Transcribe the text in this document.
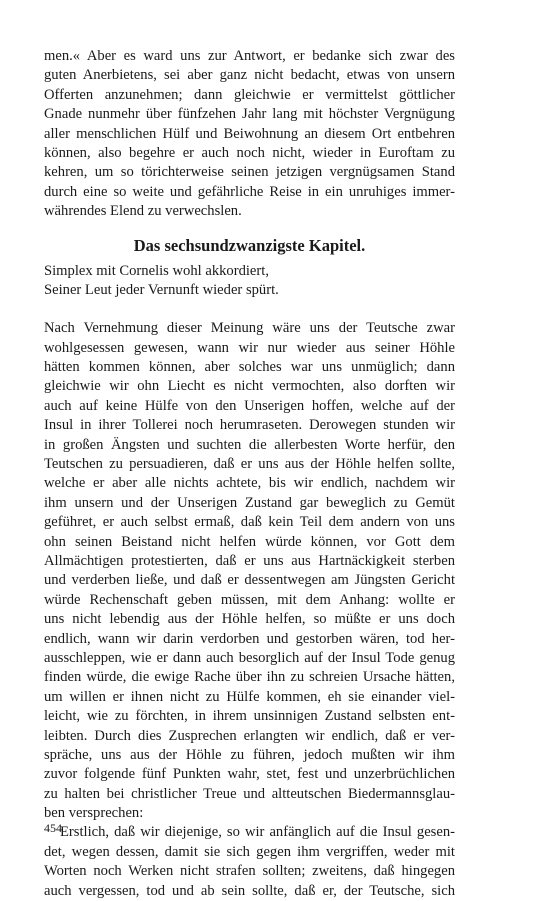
men.« Aber es ward uns zur Antwort, er bedanke sich zwar des
guten Anerbietens, sei aber ganz nicht bedacht, etwas von unsern
Offerten anzunehmen; dann gleichwie er vermittelst göttlicher
Gnade nunmehr über fünfzehen Jahr lang mit höchster Vergnügung
aller menschlichen Hülf und Beiwohnung an diesem Ort entbehren
können, also begehre er auch noch nicht, wieder in Euroftam zu
kehren, um so törichterweise seinen jetzigen vergnügsamen Stand
durch eine so weite und gefährliche Reise in ein unruhiges immer-
währendes Elend zu verwechslen.
Das sechsundzwanzigste Kapitel.
Simplex mit Cornelis wohl akkordiert,
Seiner Leut jeder Vernunft wieder spürt.
Nach Vernehmung dieser Meinung wäre uns der Teutsche zwar
wohlgesessen gewesen, wann wir nur wieder aus seiner Höhle
hätten kommen können, aber solches war uns unmüglich; dann
gleichwie wir ohn Liecht es nicht vermochten, also dorften wir
auch auf keine Hülfe von den Unserigen hoffen, welche auf der
Insul in ihrer Tollerei noch herumraseten. Derowegen stunden wir
in großen Ängsten und suchten die allerbesten Worte herfür, den
Teutschen zu persuadieren, daß er uns aus der Höhle helfen sollte,
welche er aber alle nichts achtete, bis wir endlich, nachdem wir
ihm unsern und der Unserigen Zustand gar beweglich zu Gemüt
geführet, er auch selbst ermaß, daß kein Teil dem andern von uns
ohn seinen Beistand nicht helfen würde können, vor Gott dem
Allmächtigen protestierten, daß er uns aus Hartnäckigkeit sterben
und verderben ließe, und daß er dessentwegen am Jüngsten Gericht
würde Rechenschaft geben müssen, mit dem Anhang: wollte er
uns nicht lebendig aus der Höhle helfen, so müßte er uns doch
endlich, wann wir darin verdorben und gestorben wären, tod her-
ausschleppen, wie er dann auch besorglich auf der Insul Tode genug
finden würde, die ewige Rache über ihn zu schreien Ursache hätten,
um willen er ihnen nicht zu Hülfe kommen, eh sie einander viel-
leicht, wie zu förchten, in ihrem unsinnigen Zustand selbsten ent-
leibten. Durch dies Zusprechen erlangten wir endlich, daß er ver-
spräche, uns aus der Höhle zu führen, jedoch mußten wir ihm
zuvor folgende fünf Punkten wahr, stet, fest und unzerbrüchlichen
zu halten bei christlicher Treue und altteutschen Biedermannsglau-
ben versprechen:
Erstlich, daß wir diejenige, so wir anfänglich auf die Insul gesen-
det, wegen dessen, damit sie sich gegen ihm vergriffen, weder mit
Worten noch Werken nicht strafen sollten; zweitens, daß hingegen
auch vergessen, tod und ab sein sollte, daß er, der Teutsche, sich
454
